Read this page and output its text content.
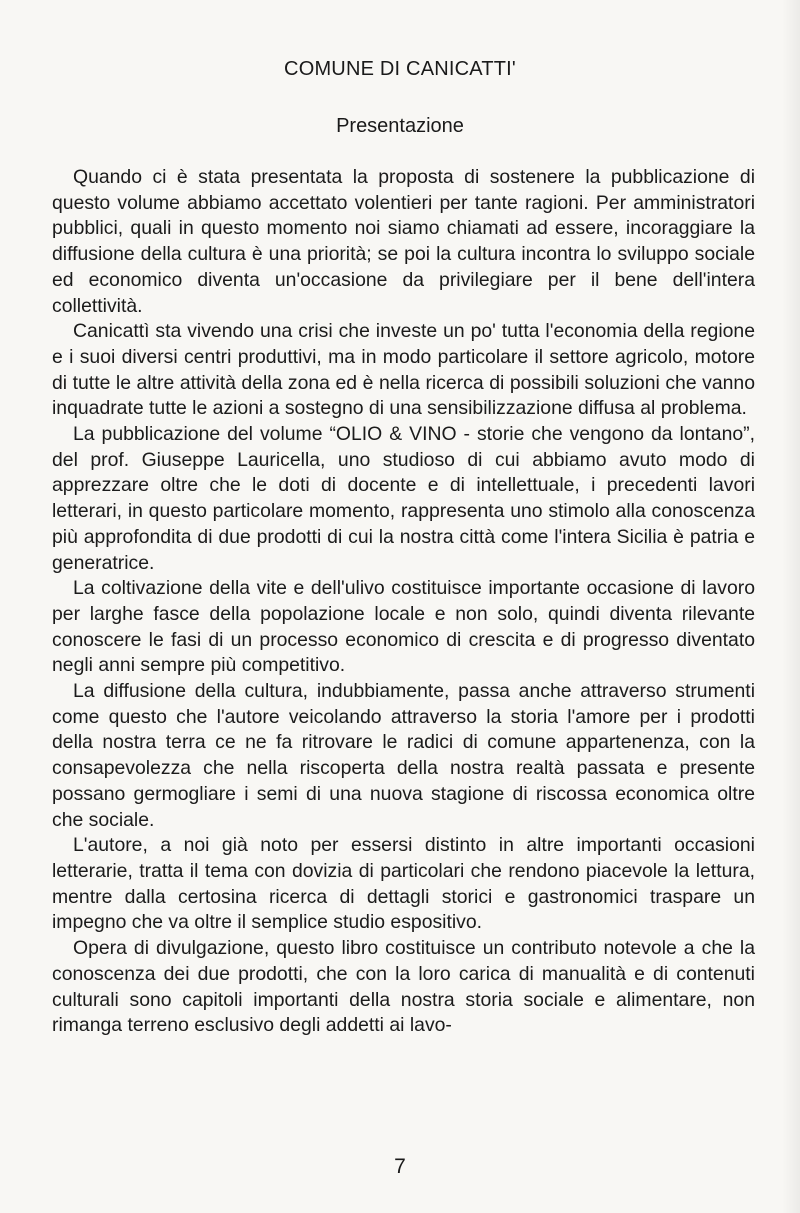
COMUNE DI CANICATTI'
Presentazione

Quando ci è stata presentata la proposta di sostenere la pubblicazione di questo volume abbiamo accettato volentieri per tante ragioni. Per amministratori pubblici, quali in questo momento noi siamo chiamati ad essere, incoraggiare la diffusione della cultura è una priorità; se poi la cultura incontra lo sviluppo sociale ed economico diventa un'occasione da privilegiare per il bene dell'intera collettività.

Canicattì sta vivendo una crisi che investe un po' tutta l'economia della regione e i suoi diversi centri produttivi, ma in modo particolare il settore agricolo, motore di tutte le altre attività della zona ed è nella ricerca di possibili soluzioni che vanno inquadrate tutte le azioni a sostegno di una sensibilizzazione diffusa al problema.

La pubblicazione del volume “OLIO & VINO - storie che vengono da lontano”, del prof. Giuseppe Lauricella, uno studioso di cui abbiamo avuto modo di apprezzare oltre che le doti di docente e di intellettuale, i precedenti lavori letterari, in questo particolare momento, rappresenta uno stimolo alla conoscenza più approfondita di due prodotti di cui la nostra città come l'intera Sicilia è patria e generatrice.

La coltivazione della vite e dell'ulivo costituisce importante occasione di lavoro per larghe fasce della popolazione locale e non solo, quindi diventa rilevante conoscere le fasi di un processo economico di crescita e di progresso diventato negli anni sempre più competitivo.

La diffusione della cultura, indubbiamente, passa anche attraverso strumenti come questo che l'autore veicolando attraverso la storia l'amore per i prodotti della nostra terra ce ne fa ritrovare le radici di comune appartenenza, con la consapevolezza che nella riscoperta della nostra realtà passata e presente possano germogliare i semi di una nuova stagione di riscossa economica oltre che sociale.

L'autore, a noi già noto per essersi distinto in altre importanti occasioni letterarie, tratta il tema con dovizia di particolari che rendono piacevole la lettura, mentre dalla certosina ricerca di dettagli storici e gastronomici traspare un impegno che va oltre il semplice studio espositivo.

Opera di divulgazione, questo libro costituisce un contributo notevole a che la conoscenza dei due prodotti, che con la loro carica di manualità e di contenuti culturali sono capitoli importanti della nostra storia sociale e alimentare, non rimanga terreno esclusivo degli addetti ai lavo-

7
